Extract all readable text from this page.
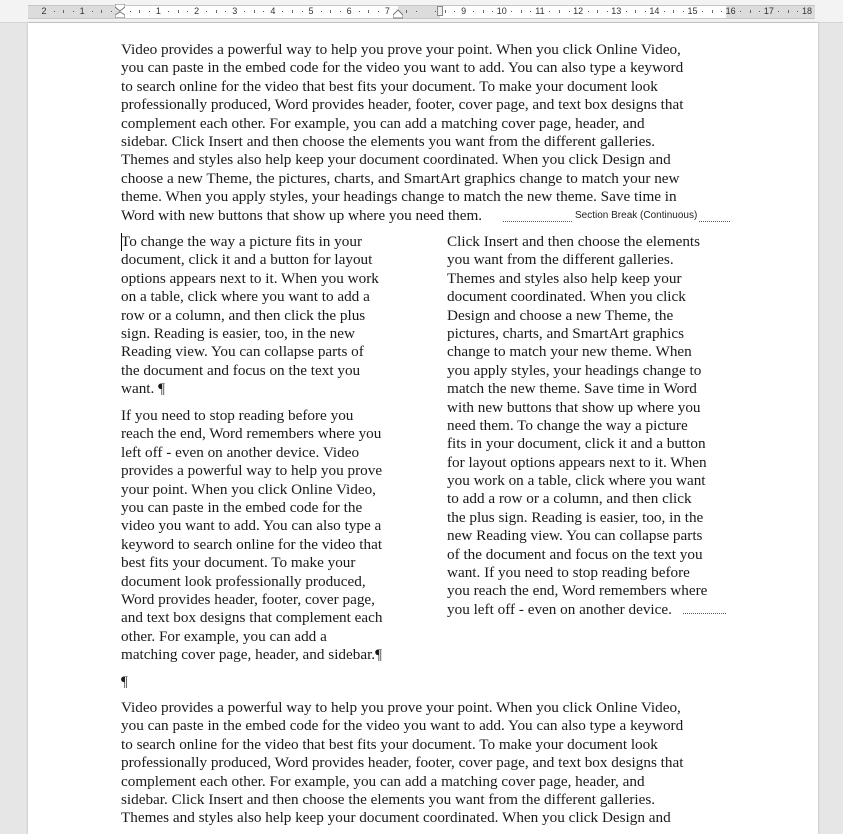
2	1	1	2	3	4	5	6	7	9	10	11	12	13	14	15	16	17	18
Video provides a powerful way to help you prove your point. When you click Online Video,
you can paste in the embed code for the video you want to add. You can also type a keyword
to search online for the video that best fits your document. To make your document look
professionally produced, Word provides header, footer, cover page, and text box designs that
complement each other. For example, you can add a matching cover page, header, and
sidebar. Click Insert and then choose the elements you want from the different galleries.
Themes and styles also help keep your document coordinated. When you click Design and
choose a new Theme, the pictures, charts, and SmartArt graphics change to match your new
theme. When you apply styles, your headings change to match the new theme. Save time in
Word with new buttons that show up where you need them.	Section Break (Continuous)
To change the way a picture fits in your
document, click it and a button for layout
options appears next to it. When you work
on a table, click where you want to add a
row or a column, and then click the plus
sign. Reading is easier, too, in the new
Reading view. You can collapse parts of
the document and focus on the text you
want. ¶
If you need to stop reading before you
reach the end, Word remembers where you
left off - even on another device. Video
provides a powerful way to help you prove
your point. When you click Online Video,
you can paste in the embed code for the
video you want to add. You can also type a
keyword to search online for the video that
best fits your document. To make your
document look professionally produced,
Word provides header, footer, cover page,
and text box designs that complement each
other. For example, you can add a
matching cover page, header, and sidebar.¶
Click Insert and then choose the elements
you want from the different galleries.
Themes and styles also help keep your
document coordinated. When you click
Design and choose a new Theme, the
pictures, charts, and SmartArt graphics
change to match your new theme. When
you apply styles, your headings change to
match the new theme. Save time in Word
with new buttons that show up where you
need them. To change the way a picture
fits in your document, click it and a button
for layout options appears next to it. When
you work on a table, click where you want
to add a row or a column, and then click
the plus sign. Reading is easier, too, in the
new Reading view. You can collapse parts
of the document and focus on the text you
want. If you need to stop reading before
you reach the end, Word remembers where
you left off - even on another device.
¶
Video provides a powerful way to help you prove your point. When you click Online Video,
you can paste in the embed code for the video you want to add. You can also type a keyword
to search online for the video that best fits your document. To make your document look
professionally produced, Word provides header, footer, cover page, and text box designs that
complement each other. For example, you can add a matching cover page, header, and
sidebar. Click Insert and then choose the elements you want from the different galleries.
Themes and styles also help keep your document coordinated. When you click Design and
